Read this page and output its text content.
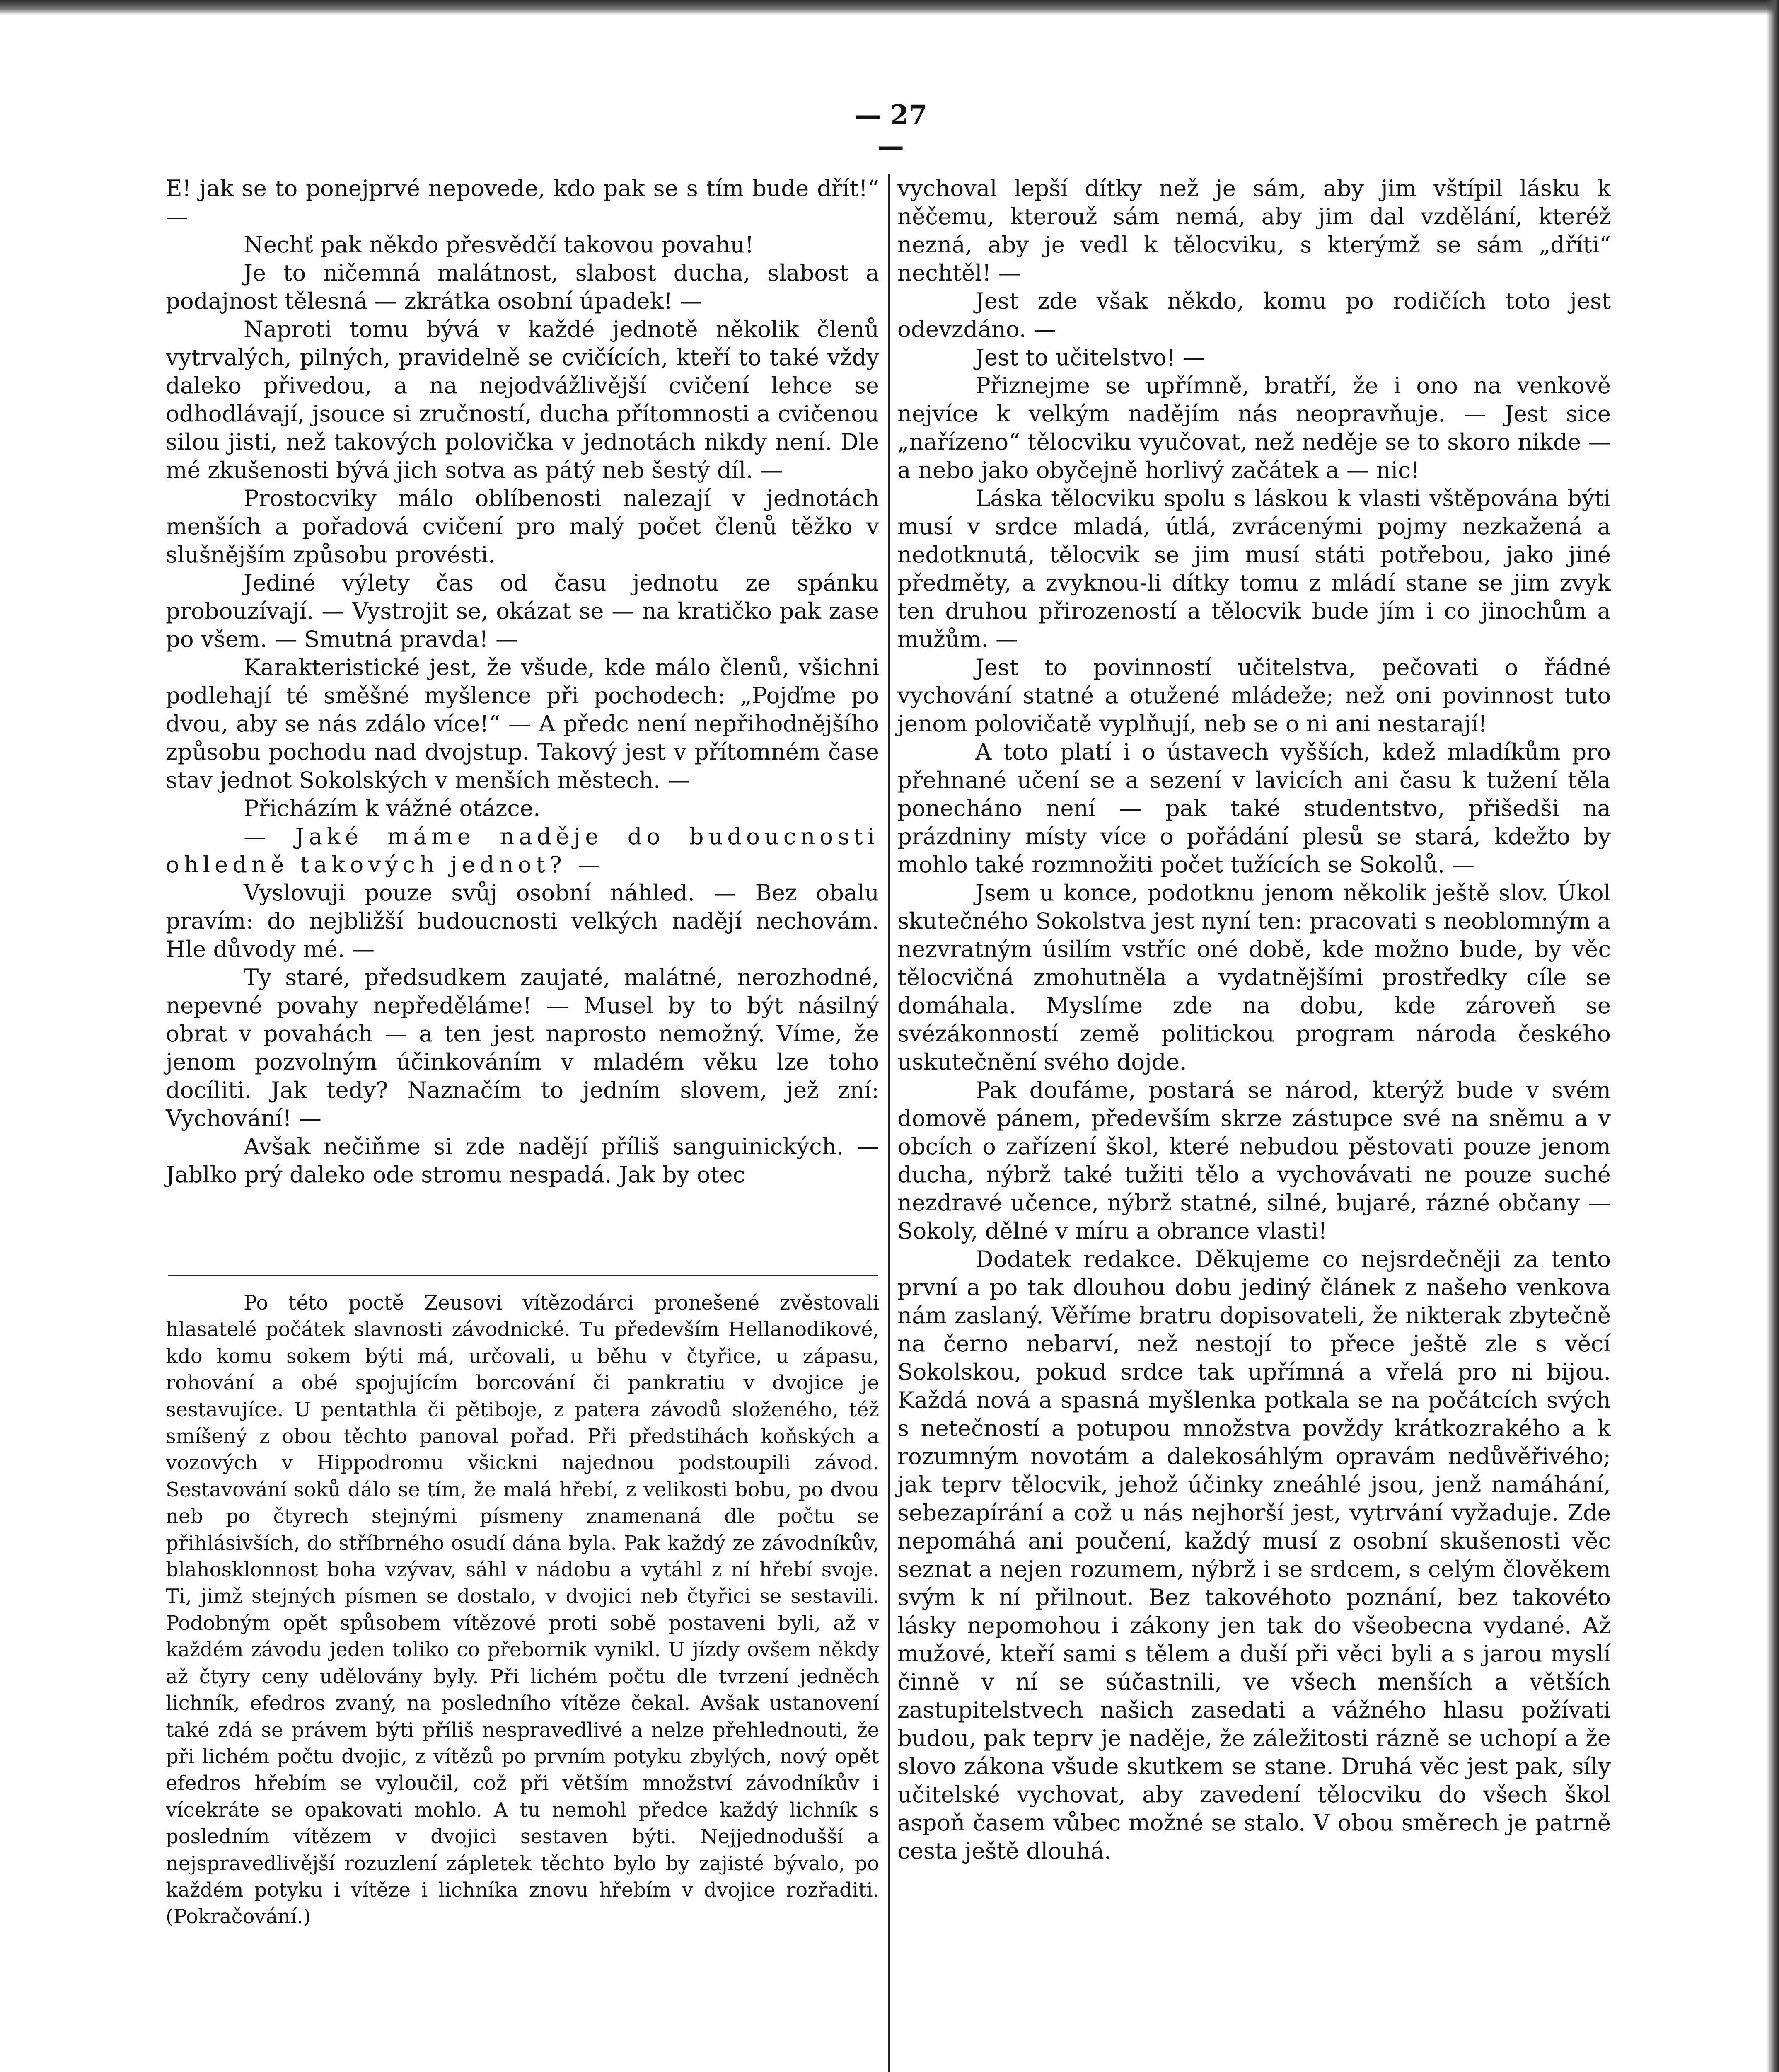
— 27 —

E! jak se to ponejprvé nepovede, kdo pak se s tím bude dřít!“ —

Nechť pak někdo přesvědčí takovou povahu!

Je to ničemná malátnost, slabost ducha, slabost a podajnost tělesná — zkrátka osobní úpadek! —

Naproti tomu bývá v každé jednotě několik členů vytrvalých, pilných, pravidelně se cvičících, kteří to také vždy daleko přivedou, a na nejodvážlivější cvičení lehce se odhodlávají, jsouce si zručností, ducha přítomnosti a cvičenou silou jisti, než takových polovička v jednotách nikdy není. Dle mé zkušenosti bývá jich sotva as pátý neb šestý díl. —

Prostocviky málo oblíbenosti nalezají v jednotách menších a pořadová cvičení pro malý počet členů těžko v slušnějším způsobu provésti.

Jediné výlety čas od času jednotu ze spánku probouzívají. — Vystrojit se, okázat se — na kratičko pak zase po všem. — Smutná pravda! —

Karakteristické jest, že všude, kde málo členů, všichni podlehají té směšné myšlence při pochodech: „Pojďme po dvou, aby se nás zdálo více!“ — A předc není nepřihodnějšího způsobu pochodu nad dvojstup. Takový jest v přítomném čase stav jednot Sokolských v menších městech. —

Přicházím k vážné otázce.

— Jaké máme naděje do budoucnosti ohledně takových jednot? —

Vyslovuji pouze svůj osobní náhled. — Bez obalu pravím: do nejbližší budoucnosti velkých nadějí nechovám. Hle důvody mé. —

Ty staré, předsudkem zaujaté, malátné, nerozhodné, nepevné povahy nepředěláme! — Musel by to být násilný obrat v povahách — a ten jest naprosto nemožný. Víme, že jenom pozvolným účinkováním v mladém věku lze toho docíliti. Jak tedy? Naznačím to jedním slovem, jež zní: Vychování! —

Avšak nečiňme si zde nadějí příliš sanguinických. — Jablko prý daleko ode stromu nespadá. Jak by otec

Po této poctě Zeusovi vítězodárci pronešené zvěstovali hlasatelé počátek slavnosti závodnické. Tu především Hellanodikové, kdo komu sokem býti má, určovali, u běhu v čtyřice, u zápasu, rohování a obé spojujícím borcování či pankratiu v dvojice je sestavujíce. U pentathla či pětiboje, z patera závodů složeného, též smíšený z obou těchto panoval pořad. Při předstihách koňských a vozových v Hippodromu všickni najednou podstoupili závod. Sestavování soků dálo se tím, že malá hřebí, z velikosti bobu, po dvou neb po čtyrech stejnými písmeny znamenaná dle počtu se přihlásivších, do stříbrného osudí dána byla. Pak každý ze závodníkův, blahosklonnost boha vzývav, sáhl v nádobu a vytáhl z ní hřebí svoje. Ti, jimž stejných písmen se dostalo, v dvojici neb čtyřici se sestavili. Podobným opět spůsobem vítězové proti sobě postaveni byli, až v každém závodu jeden toliko co přebornik vynikl. U jízdy ovšem někdy až čtyry ceny udělovány byly. Při lichém počtu dle tvrzení jedněch lichník, efedros zvaný, na posledního vítěze čekal. Avšak ustanovení také zdá se právem býti příliš nespravedlivé a nelze přehlednouti, že při lichém počtu dvojic, z vítězů po prvním potyku zbylých, nový opět efedros hřebím se vyloučil, což při větším množství závodníkův i vícekráte se opakovati mohlo. A tu nemohl předce každý lichník s posledním vítězem v dvojici sestaven býti. Nejjednodušší a nejspravedlivější rozuzlení zápletek těchto bylo by zajisté bývalo, po každém potyku i vítěze i lichníka znovu hřebím v dvojice rozřaditi. (Pokračování.)

vychoval lepší dítky než je sám, aby jim vštípil lásku k něčemu, kterouž sám nemá, aby jim dal vzdělání, kteréž nezná, aby je vedl k tělocviku, s kterýmž se sám „dříti“ nechtěl! —

Jest zde však někdo, komu po rodičích toto jest odevzdáno. —

Jest to učitelstvo! —

Přiznejme se upřímně, bratří, že i ono na venkově nejvíce k velkým nadějím nás neopravňuje. — Jest sice „nařízeno“ tělocviku vyučovat, než neděje se to skoro nikde — a nebo jako obyčejně horlivý začátek a — nic!

Láska tělocviku spolu s láskou k vlasti vštěpována býti musí v srdce mladá, útlá, zvrácenými pojmy nezkažená a nedotknutá, tělocvik se jim musí státi potřebou, jako jiné předměty, a zvyknou-li dítky tomu z mládí stane se jim zvyk ten druhou přirozeností a tělocvik bude jím i co jinochům a mužům. —

Jest to povinností učitelstva, pečovati o řádné vychování statné a otužené mládeže; než oni povinnost tuto jenom polovičatě vyplňují, neb se o ni ani nestarají!

A toto platí i o ústavech vyšších, kdež mladíkům pro přehnané učení se a sezení v lavicích ani času k tužení těla ponecháno není — pak také studentstvo, přišedši na prázdniny místy více o pořádání plesů se stará, kdežto by mohlo také rozmnožiti počet tužících se Sokolů. —

Jsem u konce, podotknu jenom několik ještě slov. Úkol skutečného Sokolstva jest nyní ten: pracovati s neoblomným a nezvratným úsilím vstříc oné době, kde možno bude, by věc tělocvičná zmohutněla a vydatnějšími prostředky cíle se domáhala. Myslíme zde na dobu, kde zároveň se svézákonností země politickou program národa českého uskutečnění svého dojde.

Pak doufáme, postará se národ, kterýž bude v svém domově pánem, především skrze zástupce své na sněmu a v obcích o zařízení škol, které nebudou pěstovati pouze jenom ducha, nýbrž také tužiti tělo a vychovávati ne pouze suché nezdravé učence, nýbrž statné, silné, bujaré, rázné občany — Sokoly, dělné v míru a obrance vlasti!

Dodatek redakce. Děkujeme co nejsrdečněji za tento první a po tak dlouhou dobu jediný článek z našeho venkova nám zaslaný. Věříme bratru dopisovateli, že nikterak zbytečně na černo nebarví, než nestojí to přece ještě zle s věcí Sokolskou, pokud srdce tak upřímná a vřelá pro ni bijou. Každá nová a spasná myšlenka potkala se na počátcích svých s netečností a potupou množstva povždy krátkozrakého a k rozumným novotám a dalekosáhlým opravám nedůvěřivého; jak teprv tělocvik, jehož účinky zneáhlé jsou, jenž namáhání, sebezapírání a což u nás nejhorší jest, vytrvání vyžaduje. Zde nepomáhá ani poučení, každý musí z osobní skušenosti věc seznat a nejen rozumem, nýbrž i se srdcem, s celým člověkem svým k ní přilnout. Bez takovéhoto poznání, bez takovéto lásky nepomohou i zákony jen tak do všeobecna vydané. Až mužové, kteří sami s tělem a duší při věci byli a s jarou myslí činně v ní se súčastnili, ve všech menších a větších zastupitelstvech našich zasedati a vážného hlasu požívati budou, pak teprv je naděje, že záležitosti rázně se uchopí a že slovo zákona všude skutkem se stane. Druhá věc jest pak, síly učitelské vychovat, aby zavedení tělocviku do všech škol aspoň časem vůbec možné se stalo. V obou směrech je patrně cesta ještě dlouhá.
